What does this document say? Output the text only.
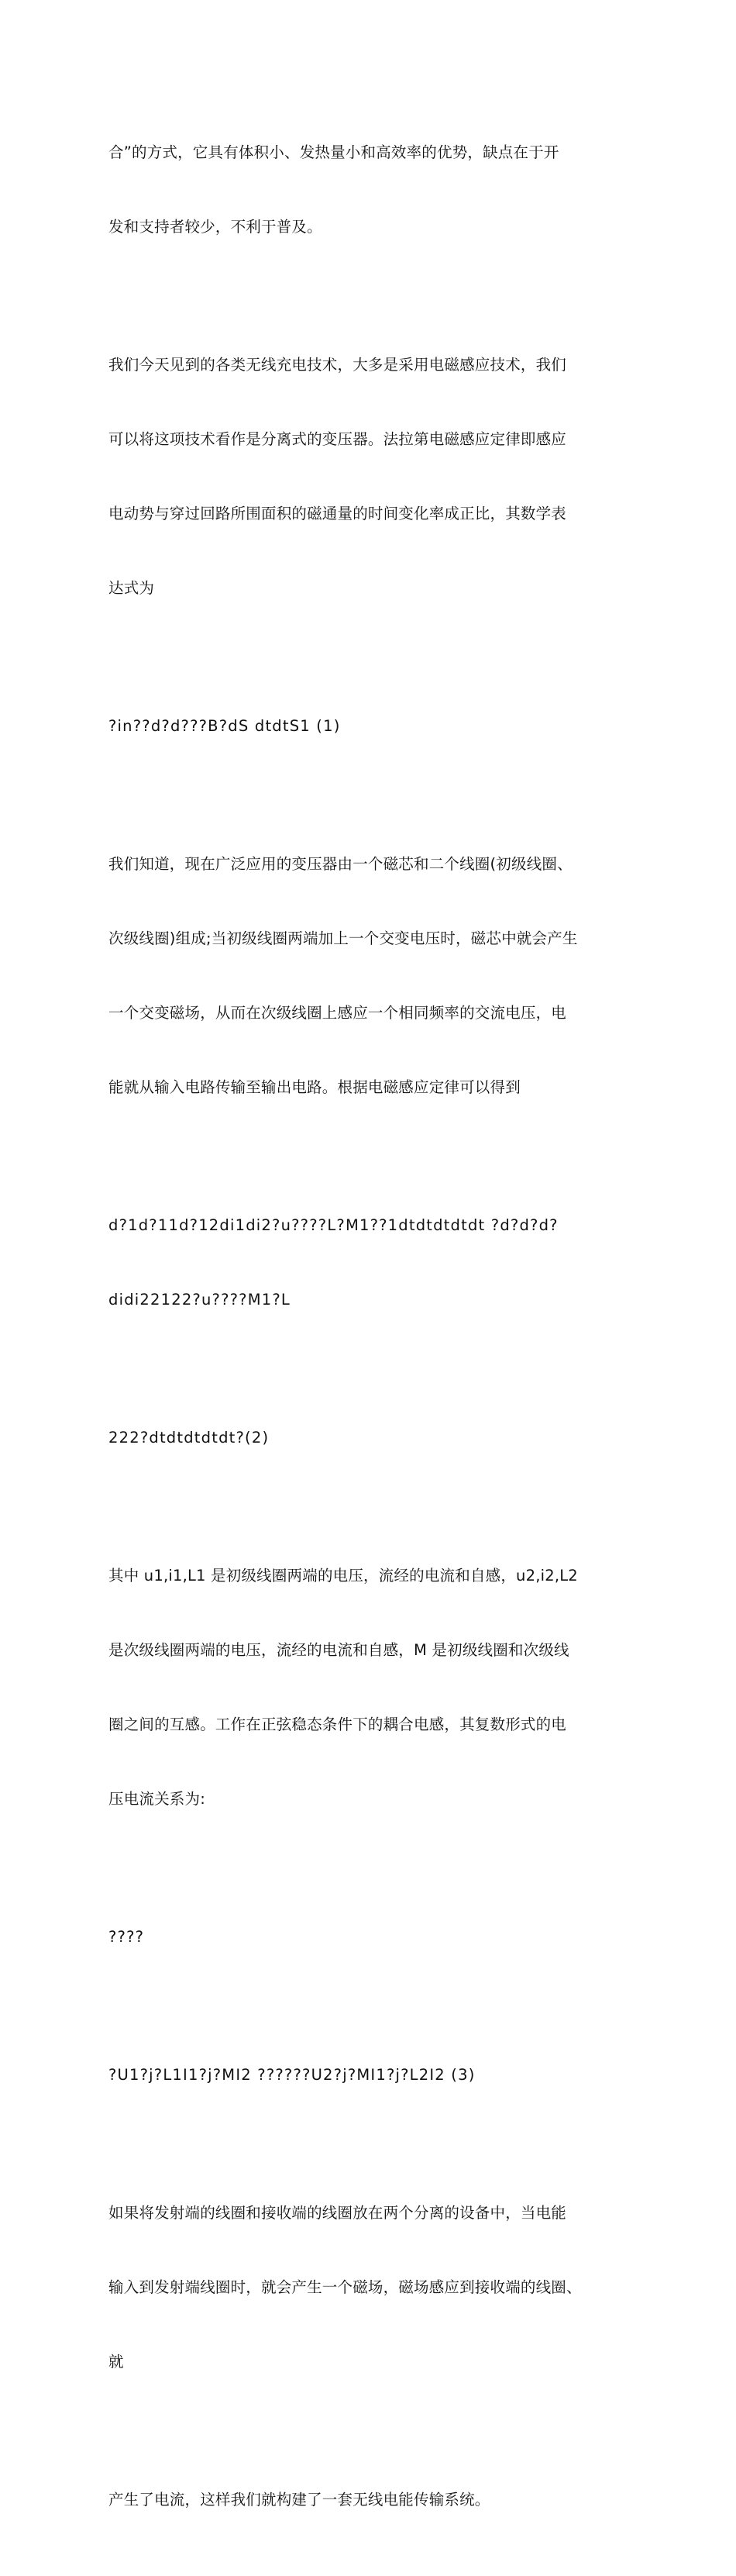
合”的方式，它具有体积小、发热量小和高效率的优势，缺点在于开

发和支持者较少，不利于普及。

我们今天见到的各类无线充电技术，大多是采用电磁感应技术，我们

可以将这项技术看作是分离式的变压器。法拉第电磁感应定律即感应

电动势与穿过回路所围面积的磁通量的时间变化率成正比，其数学表

达式为

?in??d?d???B?dS dtdtS1 (1)

我们知道，现在广泛应用的变压器由一个磁芯和二个线圈(初级线圈、

次级线圈)组成;当初级线圈两端加上一个交变电压时，磁芯中就会产生

一个交变磁场，从而在次级线圈上感应一个相同频率的交流电压，电

能就从输入电路传输至输出电路。根据电磁感应定律可以得到

d?1d?11d?12di1di2?u????L?M1??1dtdtdtdtdt ?d?d?d?

didi22122?u????M1?L

222?dtdtdtdtdt?(2)

其中 u1,i1,L1 是初级线圈两端的电压，流经的电流和自感，u2,i2,L2

是次级线圈两端的电压，流经的电流和自感，M 是初级线圈和次级线

圈之间的互感。工作在正弦稳态条件下的耦合电感，其复数形式的电

压电流关系为:

????

?U1?j?L1I1?j?MI2 ??????U2?j?MI1?j?L2I2 (3)

如果将发射端的线圈和接收端的线圈放在两个分离的设备中，当电能

输入到发射端线圈时，就会产生一个磁场，磁场感应到接收端的线圈、

就

产生了电流，这样我们就构建了一套无线电能传输系统。
